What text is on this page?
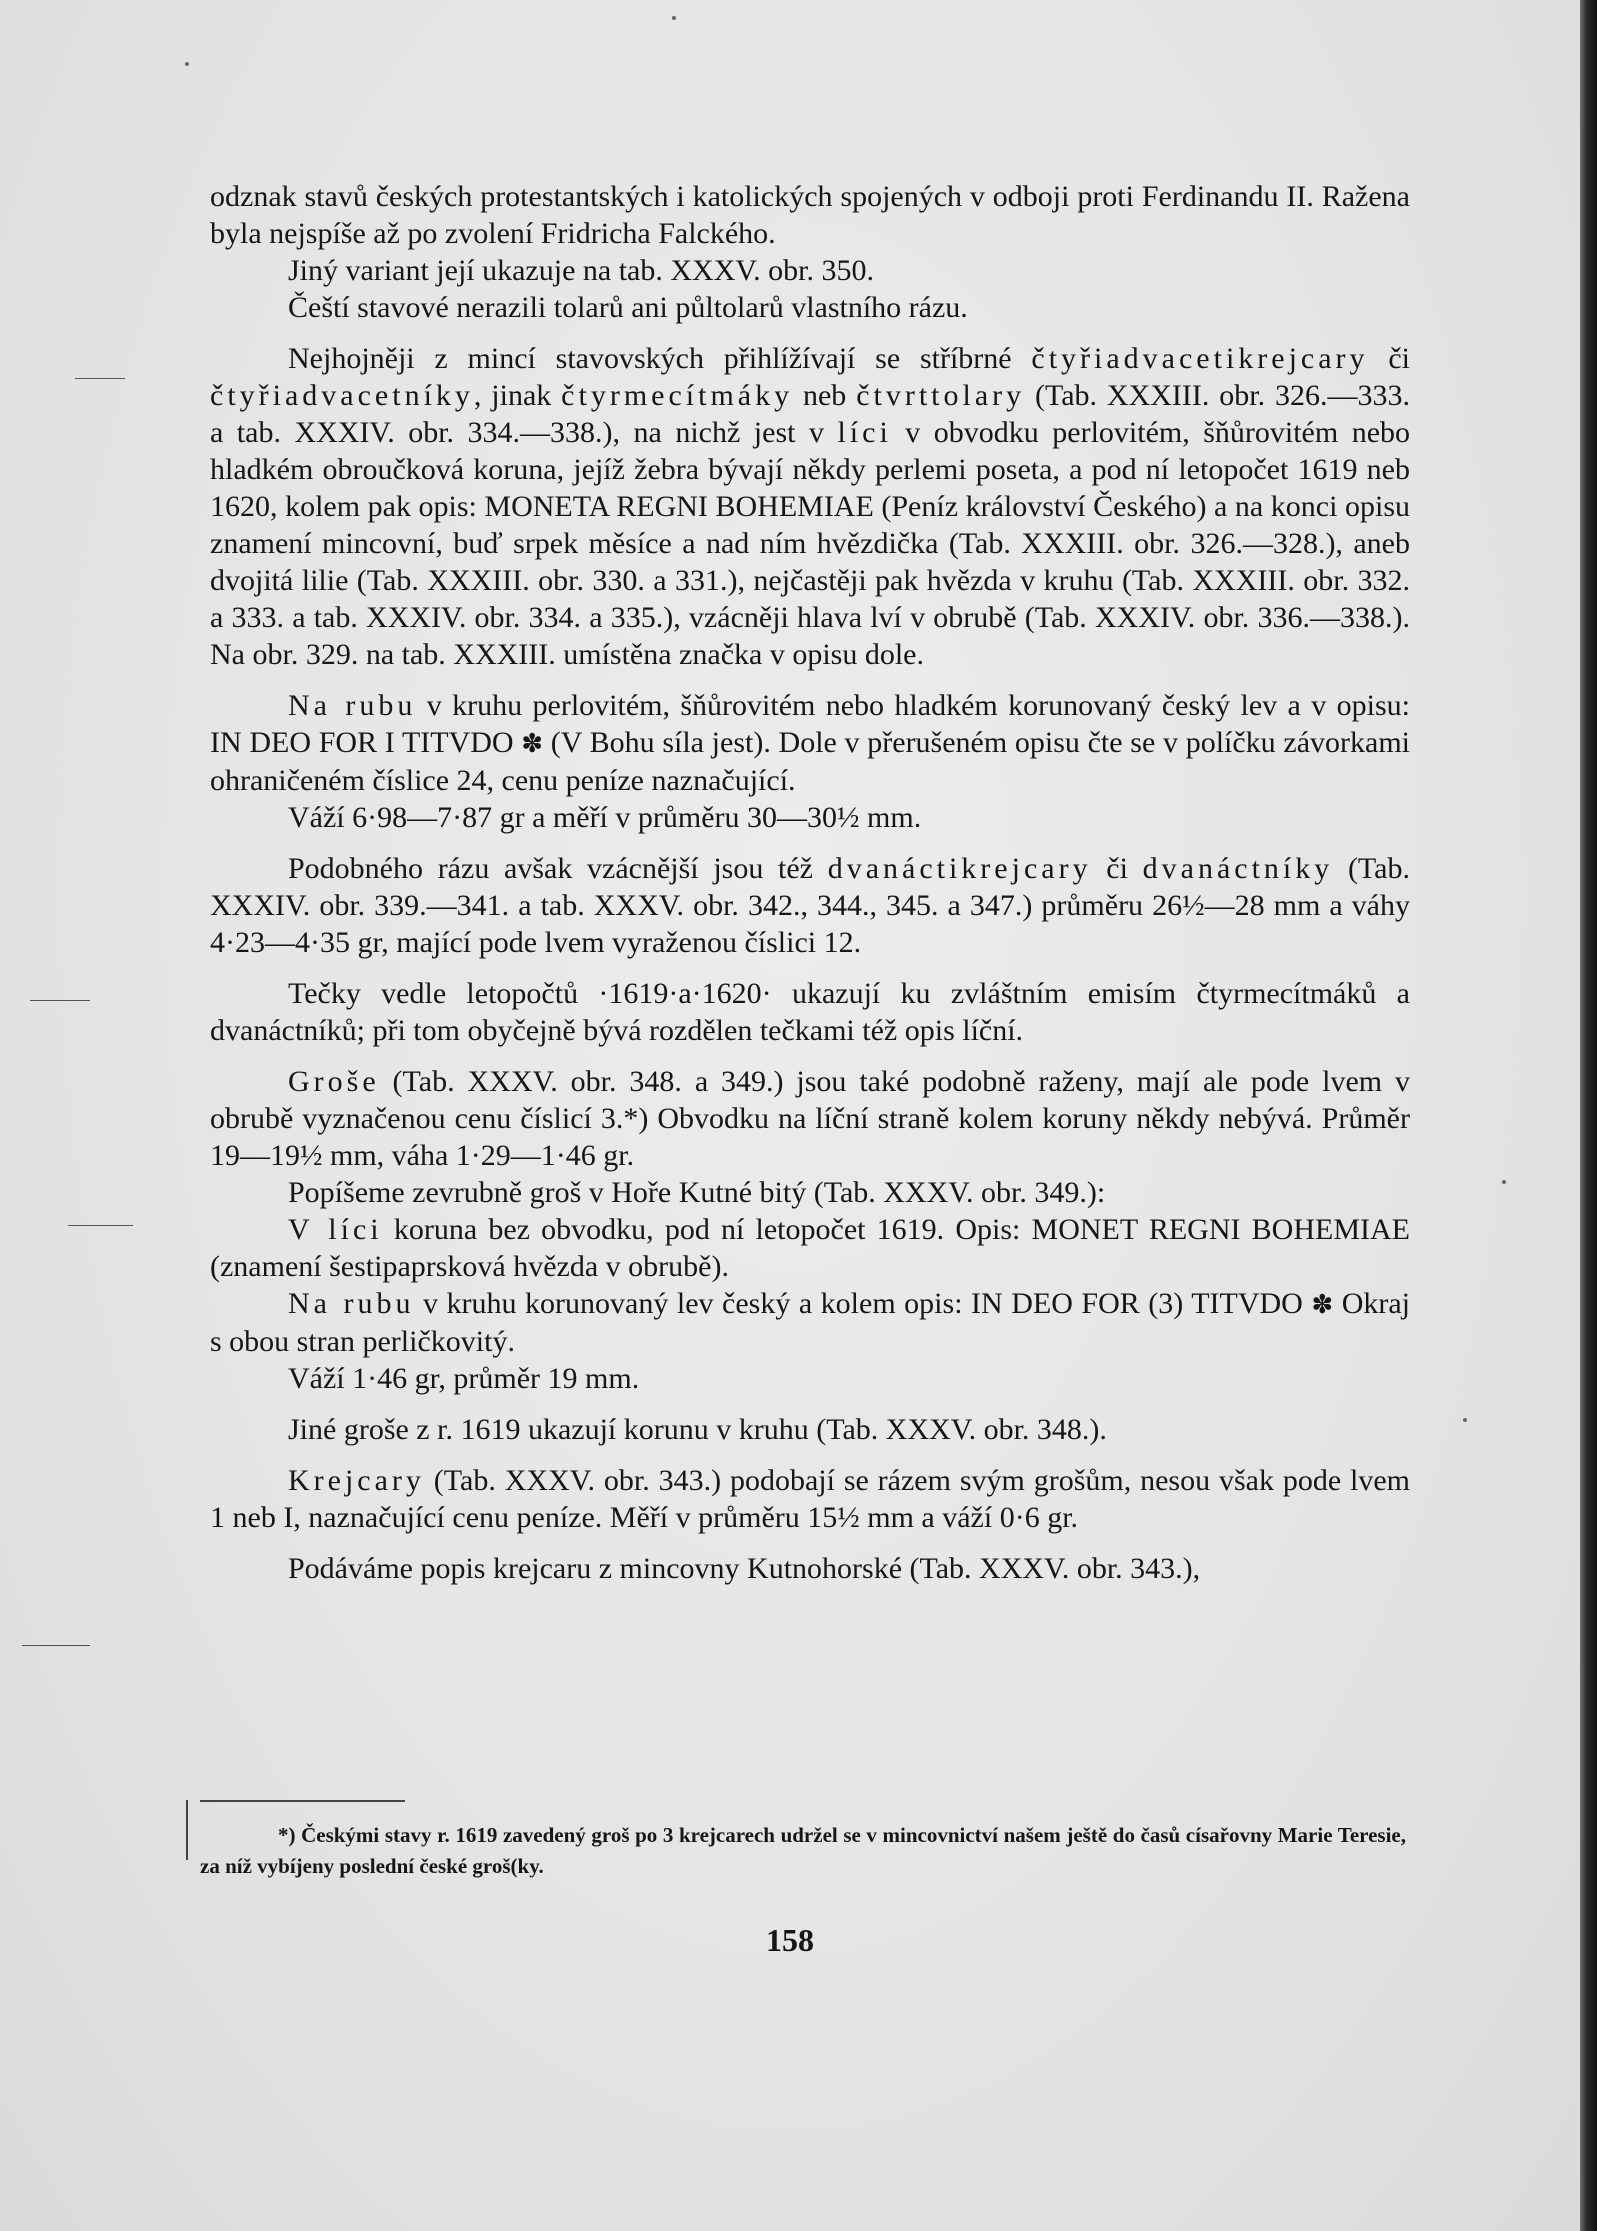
odznak stavů českých protestantských i katolických spojených v odboji proti Ferdinandu II. Ražena byla nejspíše až po zvolení Fridricha Falckého.

Jiný variant její ukazuje na tab. XXXV. obr. 350.

Čeští stavové nerazili tolarů ani půltolarů vlastního rázu.

Nejhojněji z mincí stavovských přihlížívají se stříbrné čtyřiadvacetikrejcary či čtyřiadvacetníky, jinak čtyrmecítmáky neb čtvrttolary (Tab. XXXIII. obr. 326.—333. a tab. XXXIV. obr. 334.—338.), na nichž jest v líci v obvodku perlovitém, šňůrovitém nebo hladkém obroučková koruna, jejíž žebra bývají někdy perlemi poseta, a pod ní letopočet 1619 neb 1620, kolem pak opis: MONETA REGNI BOHEMIAE (Peníz království Českého) a na konci opisu znamení mincovní, buď srpek měsíce a nad ním hvězdička (Tab. XXXIII. obr. 326.—328.), aneb dvojitá lilie (Tab. XXXIII. obr. 330. a 331.), nejčastěji pak hvězda v kruhu (Tab. XXXIII. obr. 332. a 333. a tab. XXXIV. obr. 334. a 335.), vzácněji hlava lví v obrubě (Tab. XXXIV. obr. 336.—338.). Na obr. 329. na tab. XXXIII. umístěna značka v opisu dole.

Na rubu v kruhu perlovitém, šňůrovitém nebo hladkém korunovaný český lev a v opisu: IN DEO FOR I TITVDO ✽ (V Bohu síla jest). Dole v přerušeném opisu čte se v políčku závorkami ohraničeném číslice 24, cenu peníze naznačující.

Váží 6·98—7·87 gr a měří v průměru 30—30½ mm.

Podobného rázu avšak vzácnější jsou též dvanáctikrejcary či dvanáctníky (Tab. XXXIV. obr. 339.—341. a tab. XXXV. obr. 342., 344., 345. a 347.) průměru 26½—28 mm a váhy 4·23—4·35 gr, mající pode lvem vyraženou číslici 12.

Tečky vedle letopočtů ·1619·a·1620· ukazují ku zvláštním emisím čtyrmecítmáků a dvanáctníků; při tom obyčejně bývá rozdělen tečkami též opis líční.

Groše (Tab. XXXV. obr. 348. a 349.) jsou také podobně raženy, mají ale pode lvem v obrubě vyznačenou cenu číslicí 3.*) Obvodku na líční straně kolem koruny někdy nebývá. Průměr 19—19½ mm, váha 1·29—1·46 gr.

Popíšeme zevrubně groš v Hoře Kutné bitý (Tab. XXXV. obr. 349.):

V líci koruna bez obvodku, pod ní letopočet 1619. Opis: MONET REGNI BOHEMIAE (znamení šestipaprsková hvězda v obrubě).

Na rubu v kruhu korunovaný lev český a kolem opis: IN DEO FOR (3) TITVDO ✽ Okraj s obou stran perličkovitý.

Váží 1·46 gr, průměr 19 mm.

Jiné groše z r. 1619 ukazují korunu v kruhu (Tab. XXXV. obr. 348.).

Krejcary (Tab. XXXV. obr. 343.) podobají se rázem svým grošům, nesou však pode lvem 1 neb I, naznačující cenu peníze. Měří v průměru 15½ mm a váží 0·6 gr.

Podáváme popis krejcaru z mincovny Kutnohorské (Tab. XXXV. obr. 343.),

*) Českými stavy r. 1619 zavedený groš po 3 krejcarech udržel se v mincovnictví našem ještě do časů císařovny Marie Teresie, za níž vybíjeny poslední české groš(ky.

158
